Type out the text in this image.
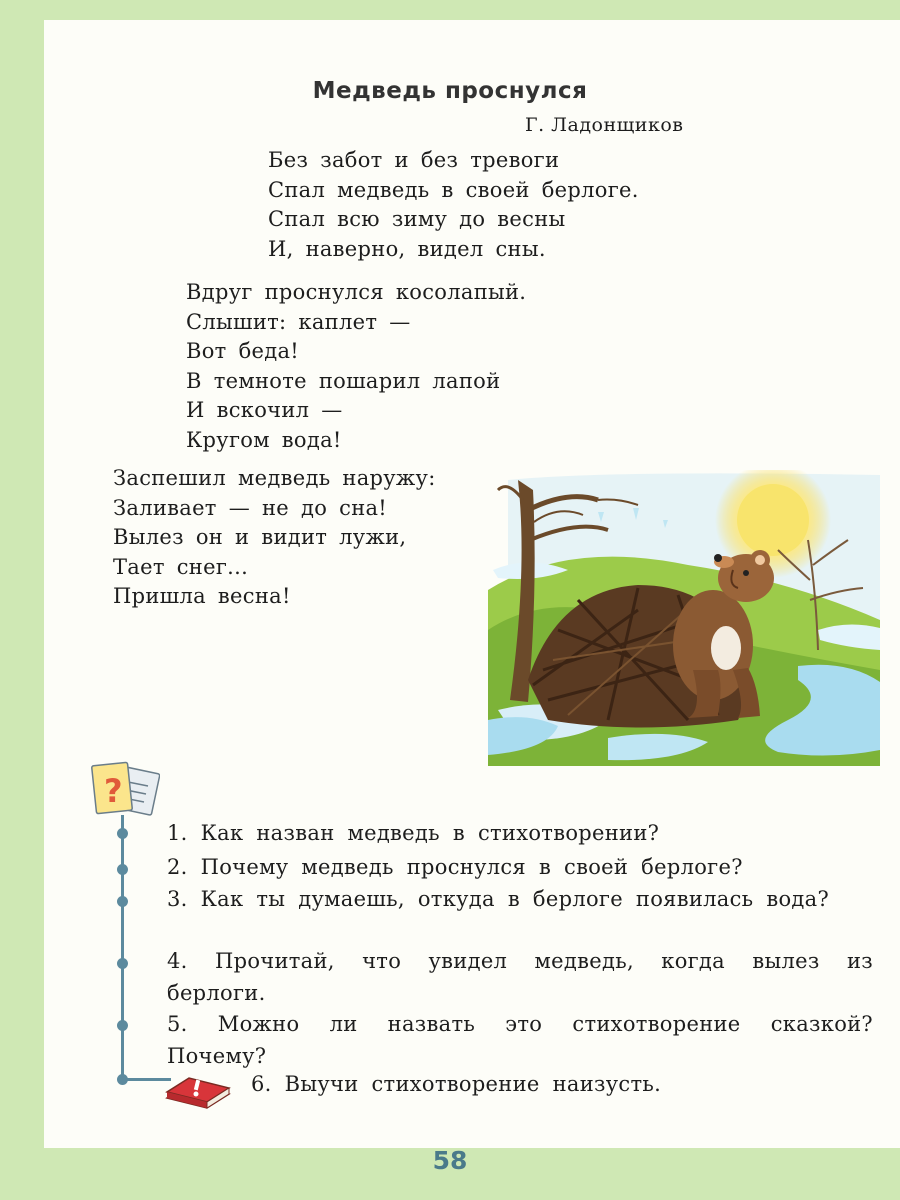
Медведь проснулся
Г. Ладонщиков
Без забот и без тревоги
Спал медведь в своей берлоге.
Спал всю зиму до весны
И, наверно, видел сны.
Вдруг проснулся косолапый.
Слышит: каплет —
Вот беда!
В темноте пошарил лапой
И вскочил —
Кругом вода!
Заспешил медведь наружу:
Заливает — не до сна!
Вылез он и видит лужи,
Тает снег...
Пришла весна!
?
1. Как назван медведь в стихотворении?
2. Почему медведь проснулся в своей берлоге?
3. Как ты думаешь, откуда в берлоге появилась вода?
4. Прочитай, что увидел медведь, когда вылез из берлоги.
5. Можно ли назвать это стихотворение сказкой? Почему?
6. Выучи стихотворение наизусть.
58
